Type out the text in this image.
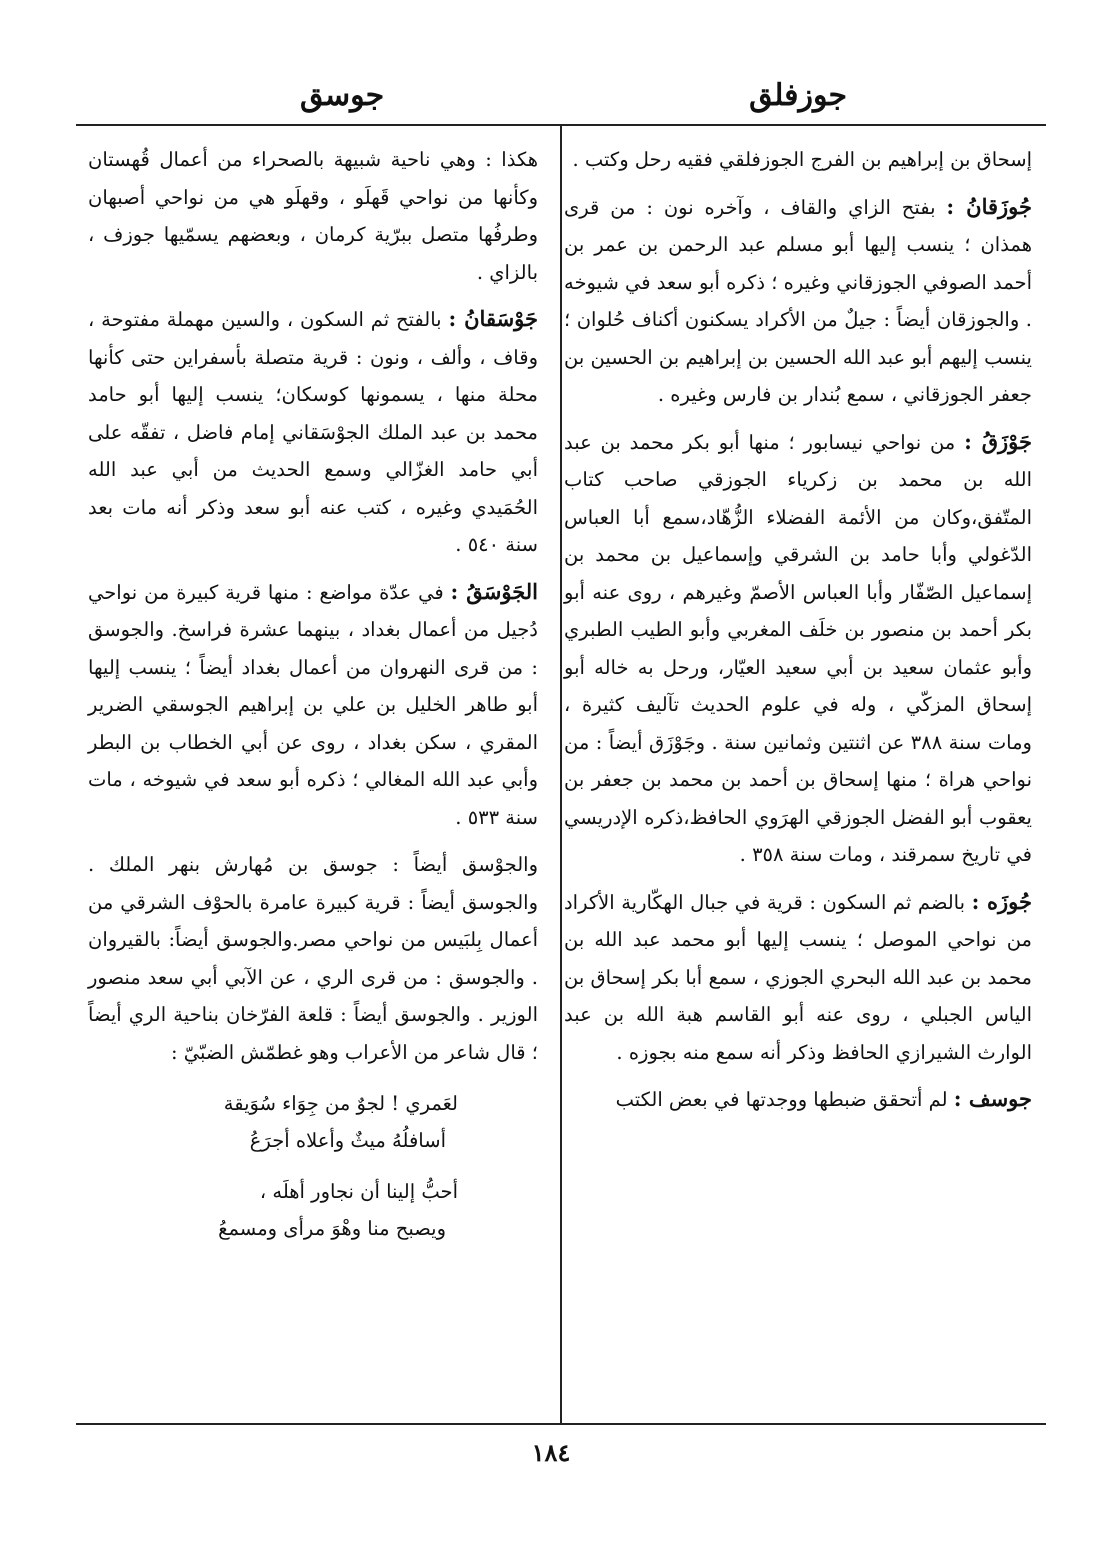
جوزفلق
جوسق

إسحاق بن إبراهيم بن الفرج الجوزفلقي فقيه رحل وكتب .

جُوزَقانُ : بفتح الزاي والقاف ، وآخره نون : من قرى همذان ؛ ينسب إليها أبو مسلم عبد الرحمن بن عمر بن أحمد الصوفي الجوزقاني وغيره ؛ ذكره أبو سعد في شيوخه . والجوزقان أيضاً : جيلٌ من الأكراد يسكنون أكناف حُلوان ؛ ينسب إليهم أبو عبد الله الحسين بن إبراهيم بن الحسين بن جعفر الجوزقاني ، سمع بُندار بن فارس وغيره .

جَوْزَقُ : من نواحي نيسابور ؛ منها أبو بكر محمد بن عبد الله بن محمد بن زكرياء الجوزقي صاحب كتاب المتّفق،وكان من الأئمة الفضلاء الزُّهّاد،سمع أبا العباس الدّغولي وأبا حامد بن الشرقي وإسماعيل بن محمد بن إسماعيل الصّفّار وأبا العباس الأصمّ وغيرهم ، روى عنه أبو بكر أحمد بن منصور بن خلَف المغربي وأبو الطيب الطبري وأبو عثمان سعيد بن أبي سعيد العيّار، ورحل به خاله أبو إسحاق المزكّي ، وله في علوم الحديث تآليف كثيرة ، ومات سنة ٣٨٨ عن اثنتين وثمانين سنة . وجَوْزَق أيضاً : من نواحي هراة ؛ منها إسحاق بن أحمد بن محمد بن جعفر بن يعقوب أبو الفضل الجوزقي الهرَوي الحافظ،ذكره الإدريسي في تاريخ سمرقند ، ومات سنة ٣٥٨ .

جُوزَه : بالضم ثم السكون : قرية في جبال الهكّارية الأكراد من نواحي الموصل ؛ ينسب إليها أبو محمد عبد الله بن محمد بن عبد الله البحري الجوزي ، سمع أبا بكر إسحاق بن الياس الجبلي ، روى عنه أبو القاسم هبة الله بن عبد الوارث الشيرازي الحافظ وذكر أنه سمع منه بجوزه .

جوسف : لم أتحقق ضبطها ووجدتها في بعض الكتب

هكذا : وهي ناحية شبيهة بالصحراء من أعمال قُهستان وكأنها من نواحي قَهلَو ، وقهلَو هي من نواحي أصبهان وطرفُها متصل ببرّية كرمان ، وبعضهم يسمّيها جوزف ، بالزاي .

جَوْسَقانُ : بالفتح ثم السكون ، والسين مهملة مفتوحة ، وقاف ، وألف ، ونون : قرية متصلة بأسفراين حتى كأنها محلة منها ، يسمونها كوسكان؛ ينسب إليها أبو حامد محمد بن عبد الملك الجوْسَقاني إمام فاضل ، تفقّه على أبي حامد الغزّالي وسمع الحديث من أبي عبد الله الحُمَيدي وغيره ، كتب عنه أبو سعد وذكر أنه مات بعد سنة ٥٤٠ .

الجَوْسَقُ : في عدّة مواضع : منها قرية كبيرة من نواحي دُجيل من أعمال بغداد ، بينهما عشرة فراسخ. والجوسق : من قرى النهروان من أعمال بغداد أيضاً ؛ ينسب إليها أبو طاهر الخليل بن علي بن إبراهيم الجوسقي الضرير المقري ، سكن بغداد ، روى عن أبي الخطاب بن البطر وأبي عبد الله المغالي ؛ ذكره أبو سعد في شيوخه ، مات سنة ٥٣٣ .

والجوْسق أيضاً : جوسق بن مُهارش بنهر الملك . والجوسق أيضاً : قرية كبيرة عامرة بالحوْف الشرقي من أعمال بِلبَيس من نواحي مصر.والجوسق أيضاً: بالقيروان . والجوسق : من قرى الري ، عن الآبي أبي سعد منصور الوزير . والجوسق أيضاً : قلعة الفرّخان بناحية الري أيضاً ؛ قال شاعر من الأعراب وهو غطمّش الضبّيّ :

لعَمري ! لجوٌ من جِوَاء سُوَيقة
أسافلُهُ ميثٌ وأعلاه أجرَعُ
أحبُّ إلينا أن نجاور أهلَه ،
ويصبح منا وهْوَ مرأى ومسمعُ
١٨٤
